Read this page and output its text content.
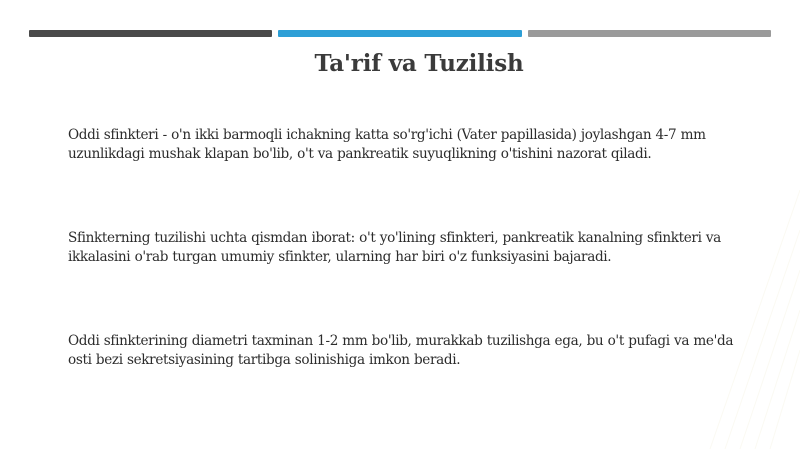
Ta'rif va Tuzilish

Oddi sfinkteri - o'n ikki barmoqli ichakning katta so'rg'ichi (Vater papillasida) joylashgan 4-7 mm uzunlikdagi mushak klapan bo'lib, o't va pankreatik suyuqlikning o'tishini nazorat qiladi.

Sfinkterning tuzilishi uchta qismdan iborat: o't yo'lining sfinkteri, pankreatik kanalning sfinkteri va ikkalasini o'rab turgan umumiy sfinkter, ularning har biri o'z funksiyasini bajaradi.

Oddi sfinkterining diametri taxminan 1-2 mm bo'lib, murakkab tuzilishga ega, bu o't pufagi va me'da osti bezi sekretsiyasining tartibga solinishiga imkon beradi.
